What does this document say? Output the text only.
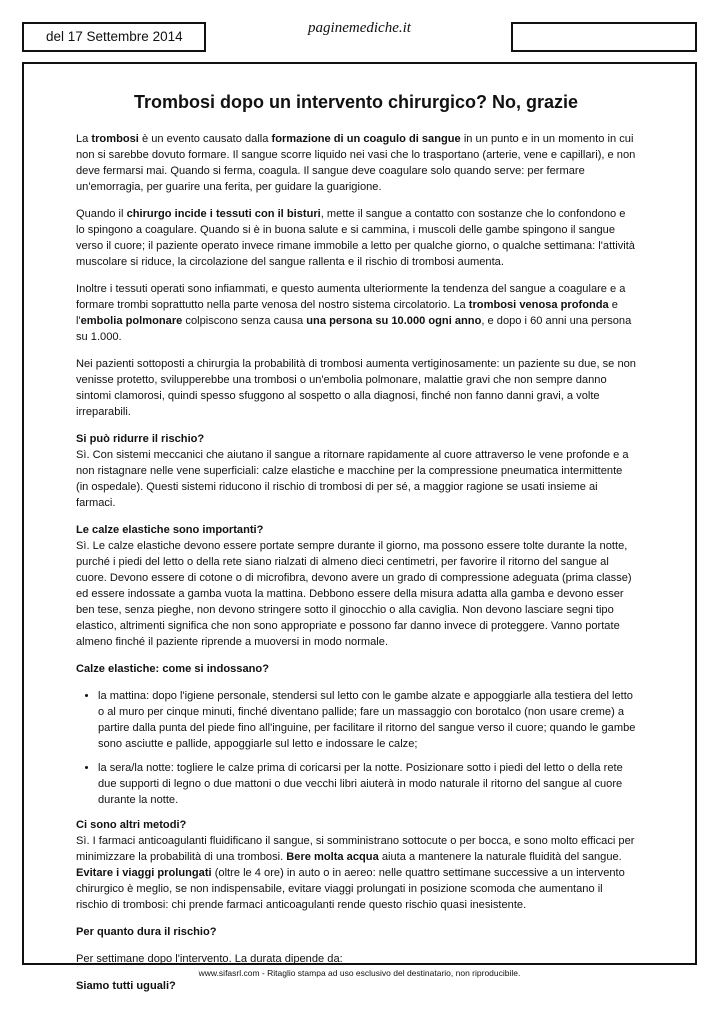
del 17 Settembre 2014
paginemediche.it
Trombosi dopo un intervento chirurgico? No, grazie

La trombosi è un evento causato dalla formazione di un coagulo di sangue in un punto e in un momento in cui non si sarebbe dovuto formare. Il sangue scorre liquido nei vasi che lo trasportano (arterie, vene e capillari), e non deve fermarsi mai. Quando si ferma, coagula. Il sangue deve coagulare solo quando serve: per fermare un'emorragia, per guarire una ferita, per guidare la guarigione.

Quando il chirurgo incide i tessuti con il bisturi, mette il sangue a contatto con sostanze che lo confondono e lo spingono a coagulare. Quando si è in buona salute e si cammina, i muscoli delle gambe spingono il sangue verso il cuore; il paziente operato invece rimane immobile a letto per qualche giorno, o qualche settimana: l'attività muscolare si riduce, la circolazione del sangue rallenta e il rischio di trombosi aumenta.

Inoltre i tessuti operati sono infiammati, e questo aumenta ulteriormente la tendenza del sangue a coagulare e a formare trombi soprattutto nella parte venosa del nostro sistema circolatorio. La trombosi venosa profonda e l'embolia polmonare colpiscono senza causa una persona su 10.000 ogni anno, e dopo i 60 anni una persona su 1.000.

Nei pazienti sottoposti a chirurgia la probabilità di trombosi aumenta vertiginosamente: un paziente su due, se non venisse protetto, svilupperebbe una trombosi o un'embolia polmonare, malattie gravi che non sempre danno sintomi clamorosi, quindi spesso sfuggono al sospetto o alla diagnosi, finché non fanno danni gravi, a volte irreparabili.

Si può ridurre il rischio?

Sì. Con sistemi meccanici che aiutano il sangue a ritornare rapidamente al cuore attraverso le vene profonde e a non ristagnare nelle vene superficiali: calze elastiche e macchine per la compressione pneumatica intermittente (in ospedale). Questi sistemi riducono il rischio di trombosi di per sé, a maggior ragione se usati insieme ai farmaci.

Le calze elastiche sono importanti?

Sì. Le calze elastiche devono essere portate sempre durante il giorno, ma possono essere tolte durante la notte, purché i piedi del letto o della rete siano rialzati di almeno dieci centimetri, per favorire il ritorno del sangue al cuore. Devono essere di cotone o di microfibra, devono avere un grado di compressione adeguata (prima classe) ed essere indossate a gamba vuota la mattina. Debbono essere della misura adatta alla gamba e devono esser ben tese, senza pieghe, non devono stringere sotto il ginocchio o alla caviglia. Non devono lasciare segni tipo elastico, altrimenti significa che non sono appropriate e possono far danno invece di proteggere. Vanno portate almeno finché il paziente riprende a muoversi in modo normale.

Calze elastiche: come si indossano?

• la mattina: dopo l'igiene personale, stendersi sul letto con le gambe alzate e appoggiarle alla testiera del letto o al muro per cinque minuti, finché diventano pallide; fare un massaggio con borotalco (non usare creme) a partire dalla punta del piede fino all'inguine, per facilitare il ritorno del sangue verso il cuore; quando le gambe sono asciutte e pallide, appoggiarle sul letto e indossare le calze;
• la sera/la notte: togliere le calze prima di coricarsi per la notte. Posizionare sotto i piedi del letto o della rete due supporti di legno o due mattoni o due vecchi libri aiuterà in modo naturale il ritorno del sangue al cuore durante la notte.

Ci sono altri metodi?

Sì. I farmaci anticoagulanti fluidificano il sangue, si somministrano sottocute o per bocca, e sono molto efficaci per minimizzare la probabilità di una trombosi. Bere molta acqua aiuta a mantenere la naturale fluidità del sangue. Evitare i viaggi prolungati (oltre le 4 ore) in auto o in aereo: nelle quattro settimane successive a un intervento chirurgico è meglio, se non indispensabile, evitare viaggi prolungati in posizione scomoda che aumentano il rischio di trombosi: chi prende farmaci anticoagulanti rende questo rischio quasi inesistente.

Per quanto dura il rischio?

Per settimane dopo l'intervento. La durata dipende da:

Siamo tutti uguali?

www.sifasrl.com - Ritaglio stampa ad uso esclusivo del destinatario, non riproducibile.
